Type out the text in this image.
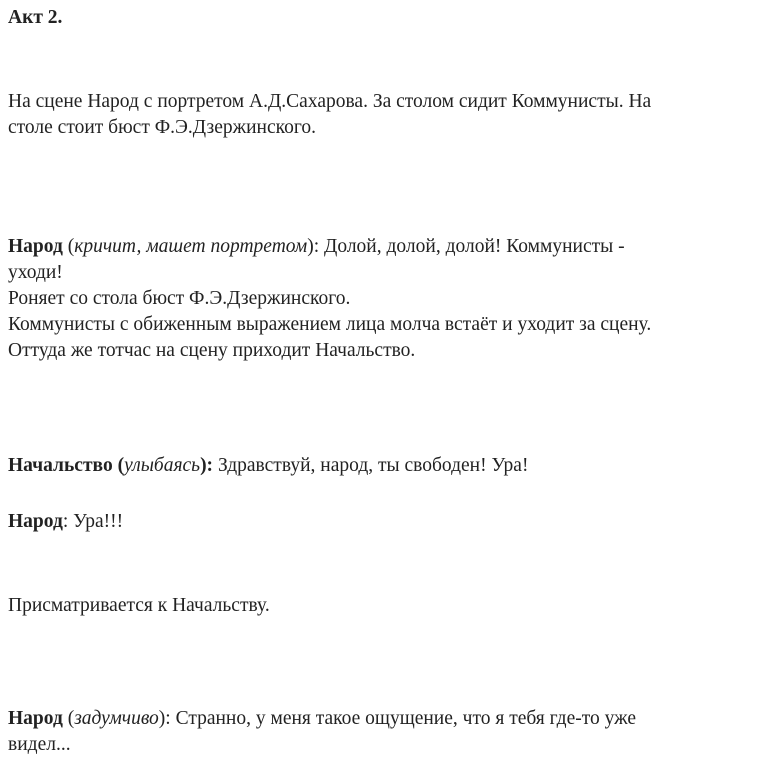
Акт 2.
На сцене Народ с портретом А.Д.Сахарова. За столом сидит Коммунисты. На
столе стоит бюст Ф.Э.Дзержинского.
Народ (кричит, машет портретом): Долой, долой, долой! Коммунисты -
уходи!
Роняет со стола бюст Ф.Э.Дзержинского.
Коммунисты с обиженным выражением лица молча встаёт и уходит за сцену.
Оттуда же тотчас на сцену приходит Начальство.
Начальство (улыбаясь): Здравствуй, народ, ты свободен! Ура!
Народ: Ура!!!
Присматривается к Начальству.
Народ (задумчиво): Странно, у меня такое ощущение, что я тебя где-то уже
видел...
